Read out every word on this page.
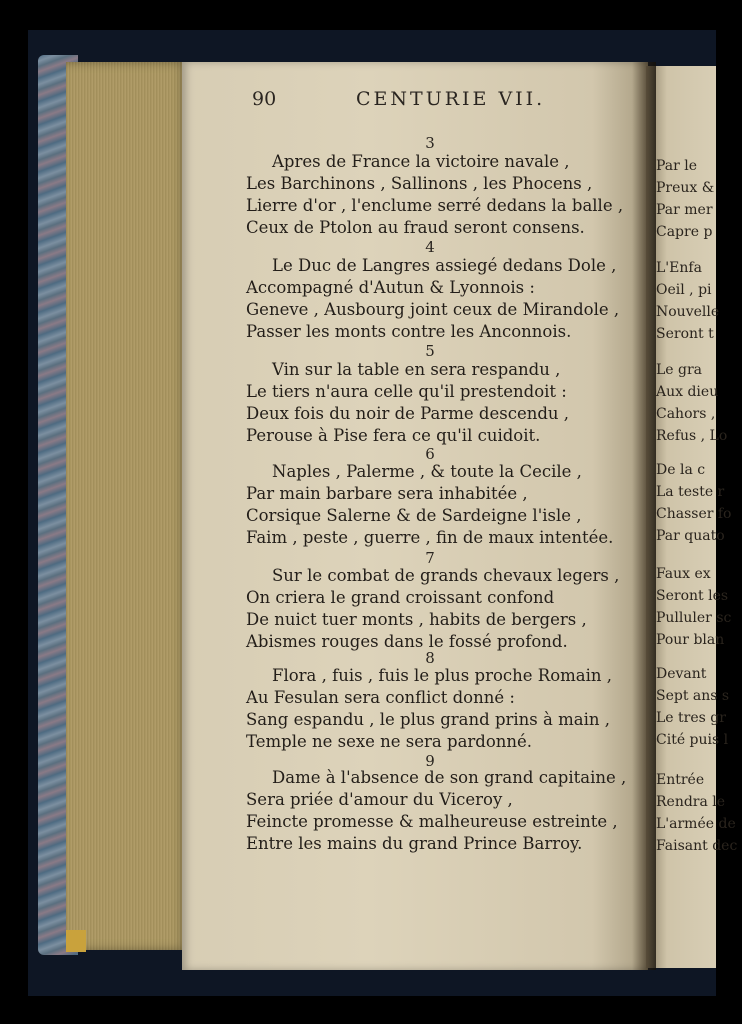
Par le
Preux &
Par mer
Capre p
L'Enfa
Oeil , pi
Nouvelle
Seront t
Le gra
Aux dieu
Cahors ,
Refus , Lo
De la c
La teste r
Chasser fo
Par quato
Faux ex
Seront les
Pulluler sc
Pour blan
Devant
Sept ans s
Le tres gr
Cité puis l
Entrée
Rendra le
L'armée de
Faisant dec
90	CENTURIE VII.
3
Apres de France la victoire navale ,
Les Barchinons , Sallinons , les Phocens ,
Lierre d'or , l'enclume serré dedans la balle ,
Ceux de Ptolon au fraud seront consens.
4
Le Duc de Langres assiegé dedans Dole ,
Accompagné d'Autun & Lyonnois :
Geneve , Ausbourg joint ceux de Mirandole ,
Passer les monts contre les Anconnois.
5
Vin sur la table en sera respandu ,
Le tiers n'aura celle qu'il prestendoit :
Deux fois du noir de Parme descendu ,
Perouse à Pise fera ce qu'il cuidoit.
6
Naples , Palerme , & toute la Cecile ,
Par main barbare sera inhabitée ,
Corsique Salerne & de Sardeigne l'isle ,
Faim , peste , guerre , fin de maux intentée.
7
Sur le combat de grands chevaux legers ,
On criera le grand croissant confond
De nuict tuer monts , habits de bergers ,
Abismes rouges dans le fossé profond.
8
Flora , fuis , fuis le plus proche Romain ,
Au Fesulan sera conflict donné :
Sang espandu , le plus grand prins à main ,
Temple ne sexe ne sera pardonné.
9
Dame à l'absence de son grand capitaine ,
Sera priée d'amour du Viceroy ,
Feincte promesse & malheureuse estreinte ,
Entre les mains du grand Prince Barroy.
